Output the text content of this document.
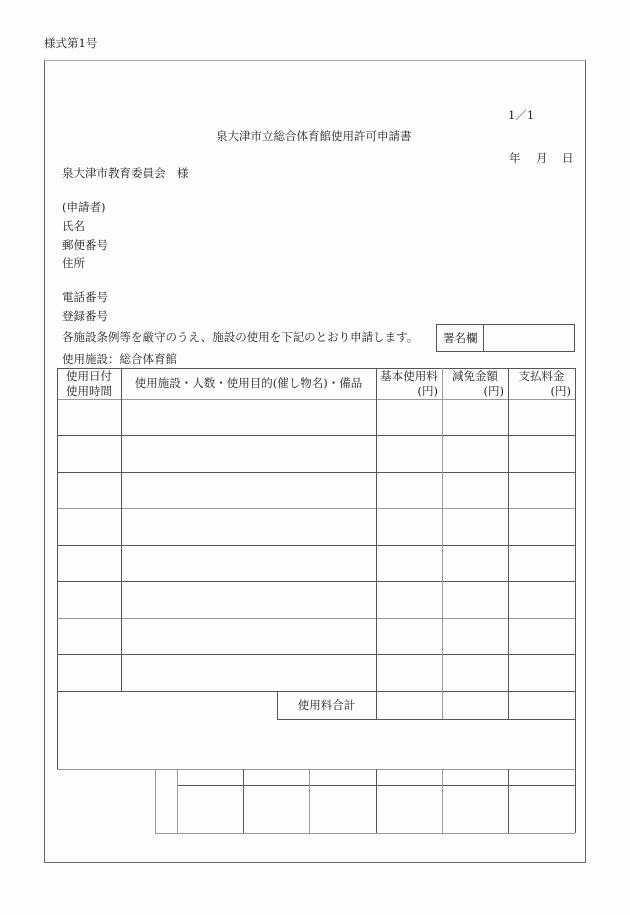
様式第1号
1／1
泉大津市立総合体育館使用許可申請書
年 月 日
泉大津市教育委員会　様
(申請者)
氏名
郵便番号
住所
電話番号
登録番号
各施設条例等を厳守のうえ、施設の使用を下記のとおり申請します。 署名欄
使用施設：総合体育館
使用日付
使用時間
使用施設・人数・使用目的(催し物名)・備品	基本使用料
(円)
減免金額
(円)
支払料金
(円)
使用料合計
